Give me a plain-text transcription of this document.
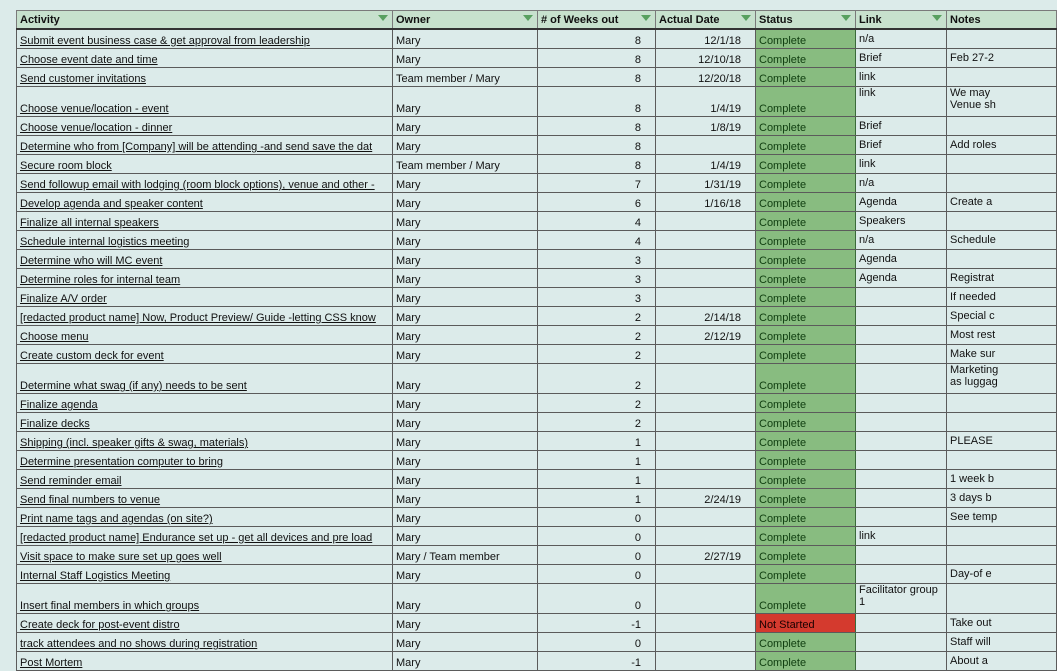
Activity	Owner	# of Weeks out	Actual Date	Status	Link	Notes
Submit event business case & get approval from leadership	Mary	8	12/1/18	Complete	n/a	

Choose event date and time	Mary	8	12/10/18	Complete	Brief	Feb 27-2

Send customer invitations	Team member / Mary	8	12/20/18	Complete	link	

Choose venue/location - event	Mary	8	1/4/19	Complete	link	We may
Venue sh

Choose venue/location - dinner	Mary	8	1/8/19	Complete	Brief	

Determine who from [Company] will be attending -and send save the dat	Mary	8		Complete	Brief	Add roles

Secure room block	Team member / Mary	8	1/4/19	Complete	link	

Send followup email with lodging (room block options), venue and other -	Mary	7	1/31/19	Complete	n/a	

Develop agenda and speaker content	Mary	6	1/16/18	Complete	Agenda	Create a

Finalize all internal speakers	Mary	4		Complete	Speakers	

Schedule internal logistics meeting	Mary	4		Complete	n/a	Schedule

Determine who will MC event	Mary	3		Complete	Agenda	

Determine roles for internal team	Mary	3		Complete	Agenda	Registrat

Finalize A/V order	Mary	3		Complete		If needed

[redacted product name] Now, Product Preview/ Guide -letting CSS know	Mary	2	2/14/18	Complete		Special c

Choose menu	Mary	2	2/12/19	Complete		Most rest

Create custom deck for event	Mary	2		Complete		Make sur

Determine what swag (if any) needs to be sent	Mary	2		Complete		Marketing
as luggag

Finalize agenda	Mary	2		Complete	

Finalize decks	Mary	2		Complete	

Shipping (incl. speaker gifts & swag, materials)	Mary	1		Complete		PLEASE

Determine presentation computer to bring	Mary	1		Complete	

Send reminder email	Mary	1		Complete		1 week b

Send final numbers to venue	Mary	1	2/24/19	Complete		3 days b

Print name tags and agendas (on site?)	Mary	0		Complete		See temp

[redacted product name] Endurance set up - get all devices and pre load	Mary	0		Complete	link	

Visit space to make sure set up goes well	Mary / Team member	0	2/27/19	Complete	

Internal Staff Logistics Meeting	Mary	0		Complete		Day-of e

Insert final members in which groups	Mary	0		Complete	Facilitator group
1	

Create deck for post-event distro	Mary	-1		Not Started		Take out

track attendees and no shows during registration	Mary	0		Complete		Staff will

Post Mortem	Mary	-1		Complete		About a
